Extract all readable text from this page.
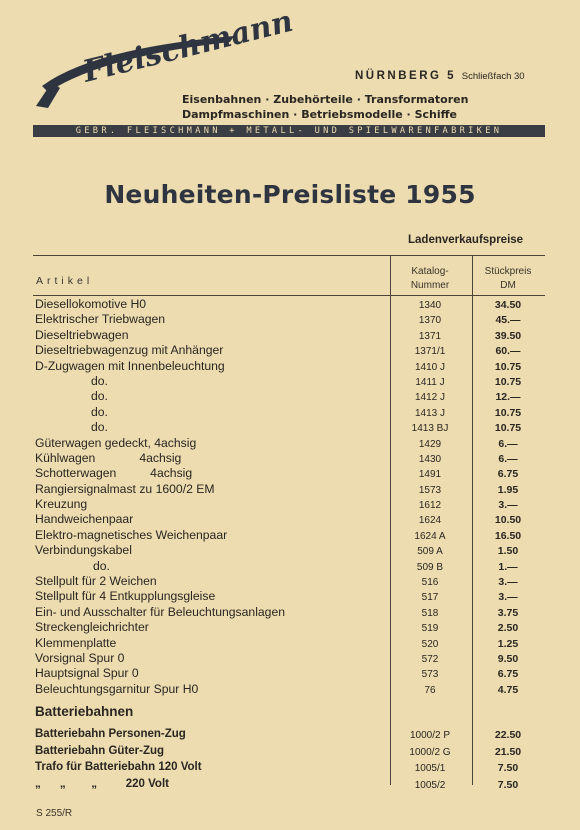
Fleischmann	NÜRNBERG 5 Schließfach 30
Eisenbahnen · Zubehörteile · Transformatoren
Dampfmaschinen · Betriebsmodelle · Schiffe
GEBR. FLEISCHMANN + METALL- UND SPIELWARENFABRIKEN
Neuheiten-Preisliste 1955
Ladenverkaufspreise
Artikel
Katalog-
Nummer
Stückpreis
DM
Diesellokomotive H0	1340	34.50
Elektrischer Triebwagen	1370	45.—
Dieseltriebwagen	1371	39.50
Dieseltriebwagenzug mit Anhänger	1371/1	60.—
D-Zugwagen mit Innenbeleuchtung	1410 J	10.75
do.	1411 J	10.75
do.	1412 J	12.—
do.	1413 J	10.75
do.	1413 BJ	10.75
Güterwagen gedeckt, 4achsig	1429	6.—
Kühlwagen             4achsig	1430	6.—
Schotterwagen          4achsig	1491	6.75
Rangiersignalmast zu 1600/2 EM	1573	1.95
Kreuzung	1612	3.—
Handweichenpaar	1624	10.50
Elektro-magnetisches Weichenpaar	1624 A	16.50
Verbindungskabel	509 A	1.50
do.	509 B	1.—
Stellpult für 2 Weichen	516	3.—
Stellpult für 4 Entkupplungsgleise	517	3.—
Ein- und Ausschalter für Beleuchtungsanlagen	518	3.75
Streckengleichrichter	519	2.50
Klemmenplatte	520	1.25
Vorsignal Spur 0	572	9.50
Hauptsignal Spur 0	573	6.75
Beleuchtungsgarnitur Spur H0	76	4.75
Batteriebahnen
Batteriebahn Personen-Zug	1000/2 P	22.50
Batteriebahn Güter-Zug	1000/2 G	21.50
Trafo für Batteriebahn 120 Volt	1005/1	7.50
„      „        „         220 Volt	1005/2	7.50
S 255/R
